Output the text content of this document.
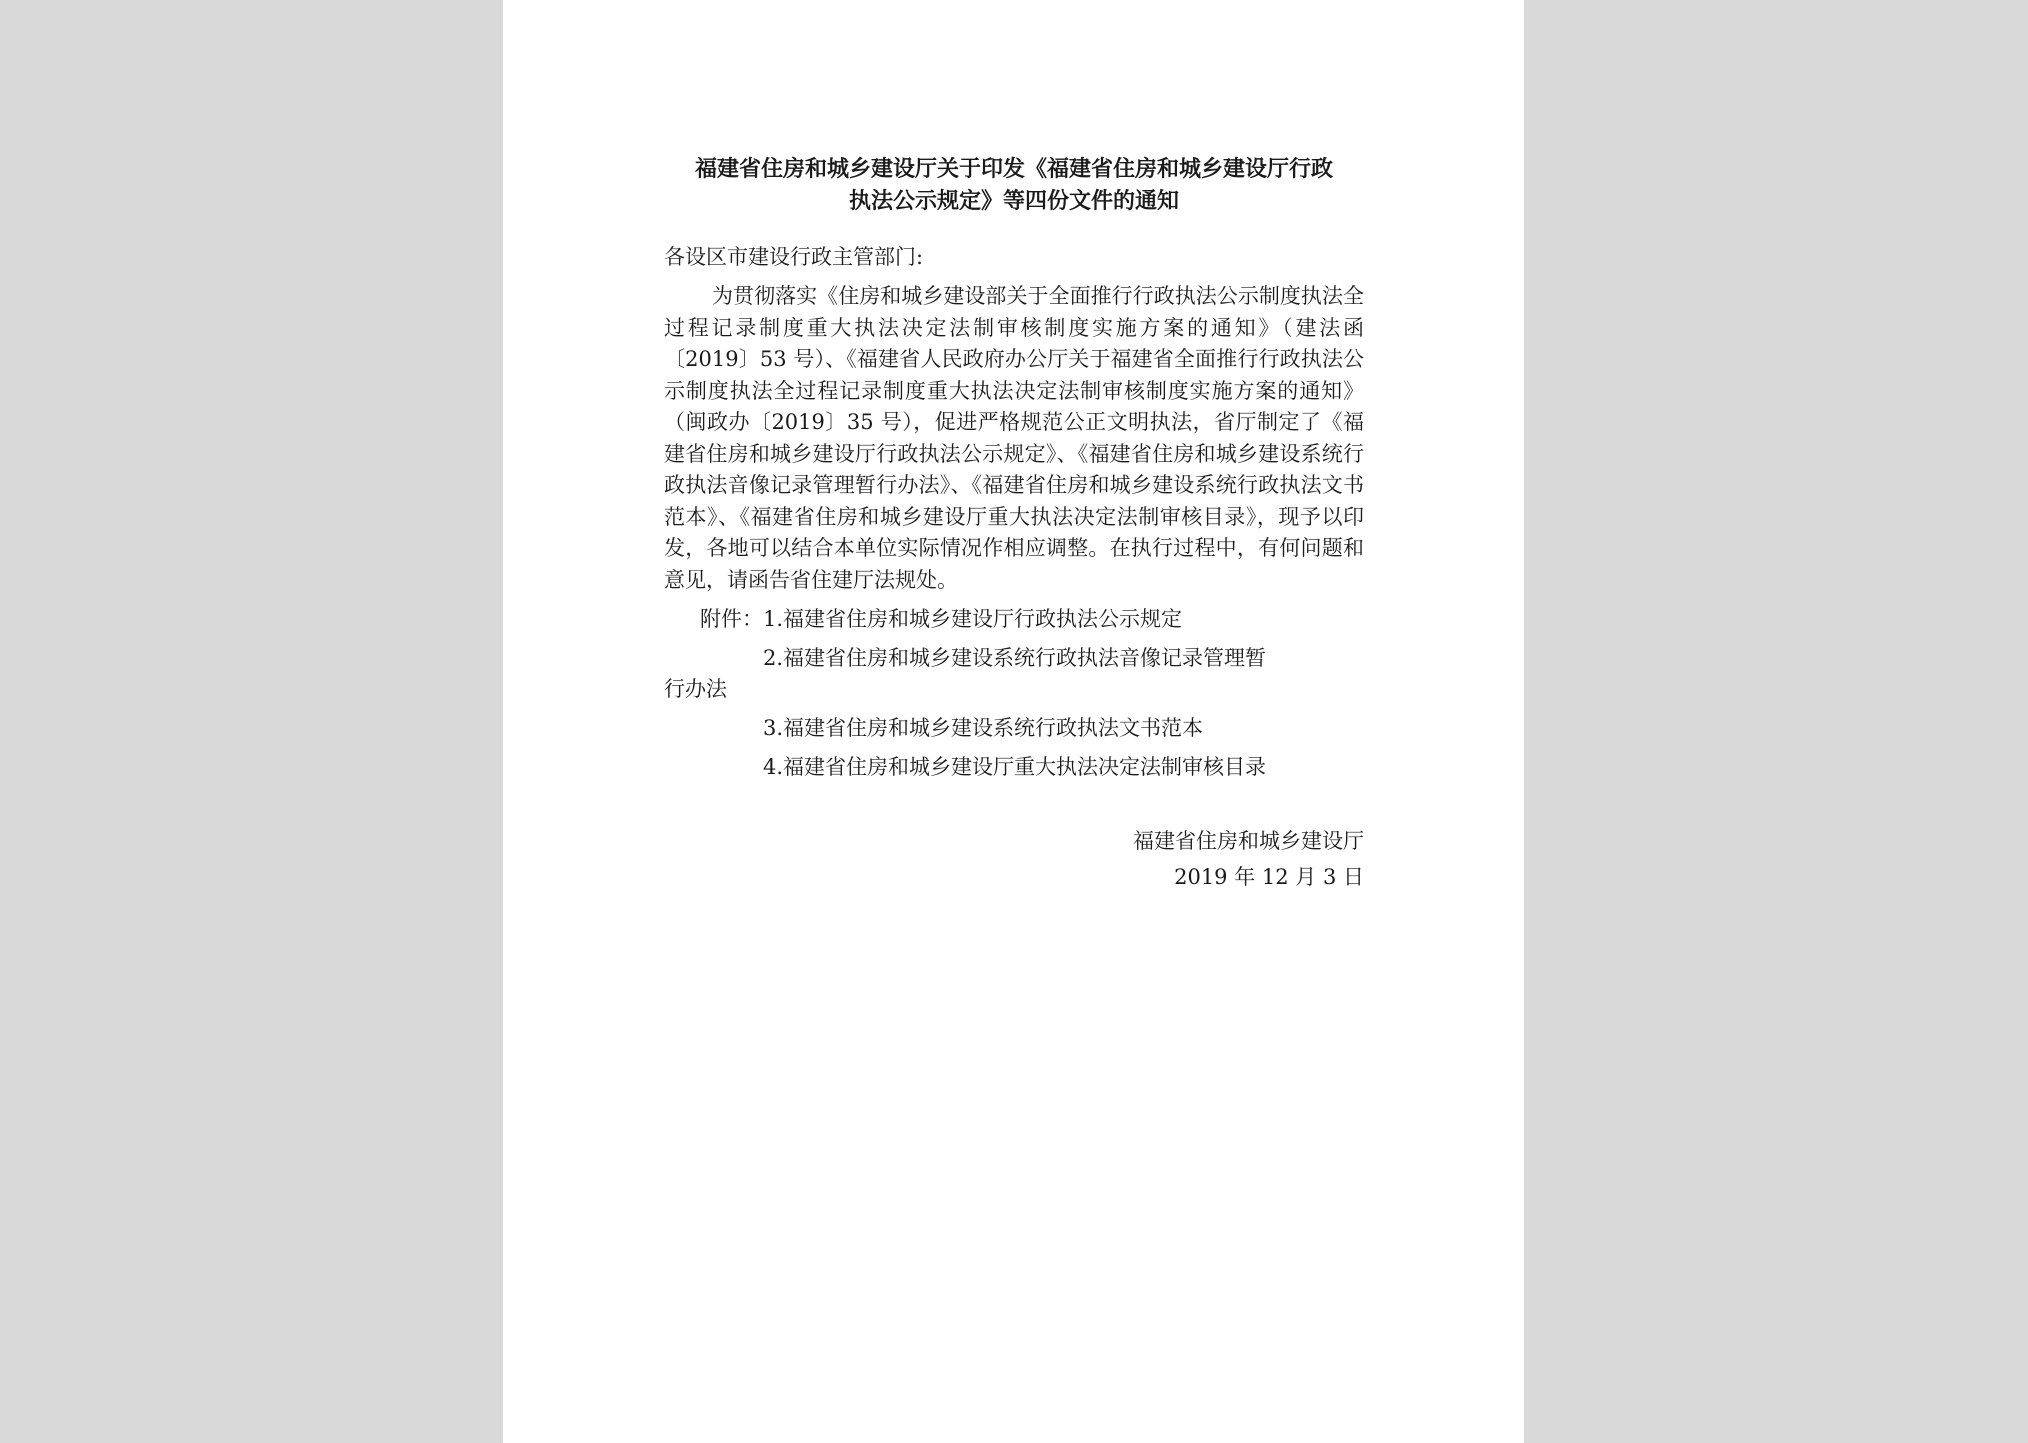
福建省住房和城乡建设厅关于印发《福建省住房和城乡建设厅行政
执法公示规定》等四份文件的通知

各设区市建设行政主管部门:

为贯彻落实《住房和城乡建设部关于全面推行行政执法公示制度执法全过程记录制度重大执法决定法制审核制度实施方案的通知》（建法函〔2019〕53 号）、《福建省人民政府办公厅关于福建省全面推行行政执法公示制度执法全过程记录制度重大执法决定法制审核制度实施方案的通知》（闽政办〔2019〕35 号），促进严格规范公正文明执法，省厅制定了《福建省住房和城乡建设厅行政执法公示规定》、《福建省住房和城乡建设系统行政执法音像记录管理暂行办法》、《福建省住房和城乡建设系统行政执法文书范本》、《福建省住房和城乡建设厅重大执法决定法制审核目录》，现予以印发，各地可以结合本单位实际情况作相应调整。在执行过程中，有何问题和意见，请函告省住建厅法规处。

附件：1. 福建省住房和城乡建设厅行政执法公示规定
2. 福建省住房和城乡建设系统行政执法音像记录管理暂
行办法
3. 福建省住房和城乡建设系统行政执法文书范本
4. 福建省住房和城乡建设厅重大执法决定法制审核目录
福建省住房和城乡建设厅
2019 年 12 月 3 日
